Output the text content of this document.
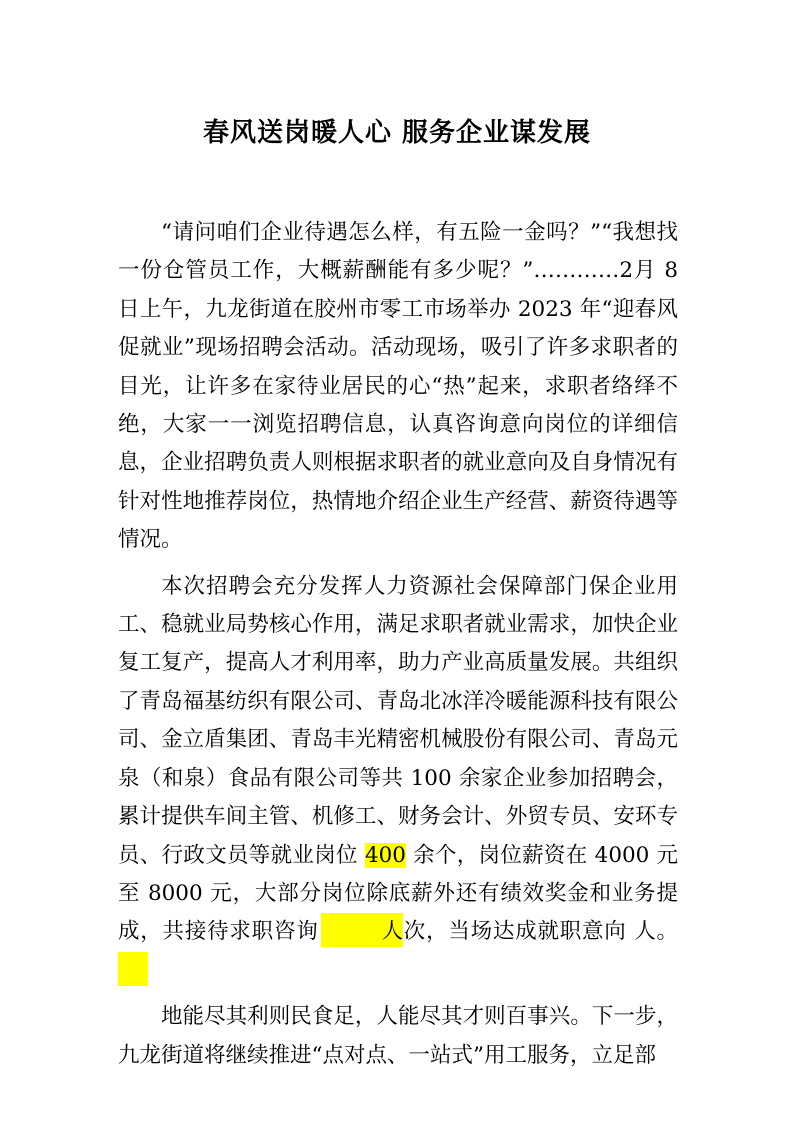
春风送岗暖人心 服务企业谋发展

“请问咱们企业待遇怎么样，有五险一金吗？”“我想找一份仓管员工作，大概薪酬能有多少呢？”…………2月 8 日上午，九龙街道在胶州市零工市场举办 2023 年“迎春风 促就业”现场招聘会活动。活动现场，吸引了许多求职者的目光，让许多在家待业居民的心“热”起来，求职者络绎不绝，大家一一浏览招聘信息，认真咨询意向岗位的详细信息，企业招聘负责人则根据求职者的就业意向及自身情况有针对性地推荐岗位，热情地介绍企业生产经营、薪资待遇等情况。

本次招聘会充分发挥人力资源社会保障部门保企业用工、稳就业局势核心作用，满足求职者就业需求，加快企业复工复产，提高人才利用率，助力产业高质量发展。共组织了青岛福基纺织有限公司、青岛北冰洋冷暖能源科技有限公司、金立盾集团、青岛丰光精密机械股份有限公司、青岛元泉（和泉）食品有限公司等共 100 余家企业参加招聘会，累计提供车间主管、机修工、财务会计、外贸专员、安环专员、行政文员等就业岗位 400 余个，岗位薪资在 4000 元至 8000 元，大部分岗位除底薪外还有绩效奖金和业务提成，共接待求职咨询	人次，当场达成就职意向 人。

地能尽其利则民食足，人能尽其才则百事兴。下一步， 九龙街道将继续推进“点对点、一站式”用工服务，立足部
